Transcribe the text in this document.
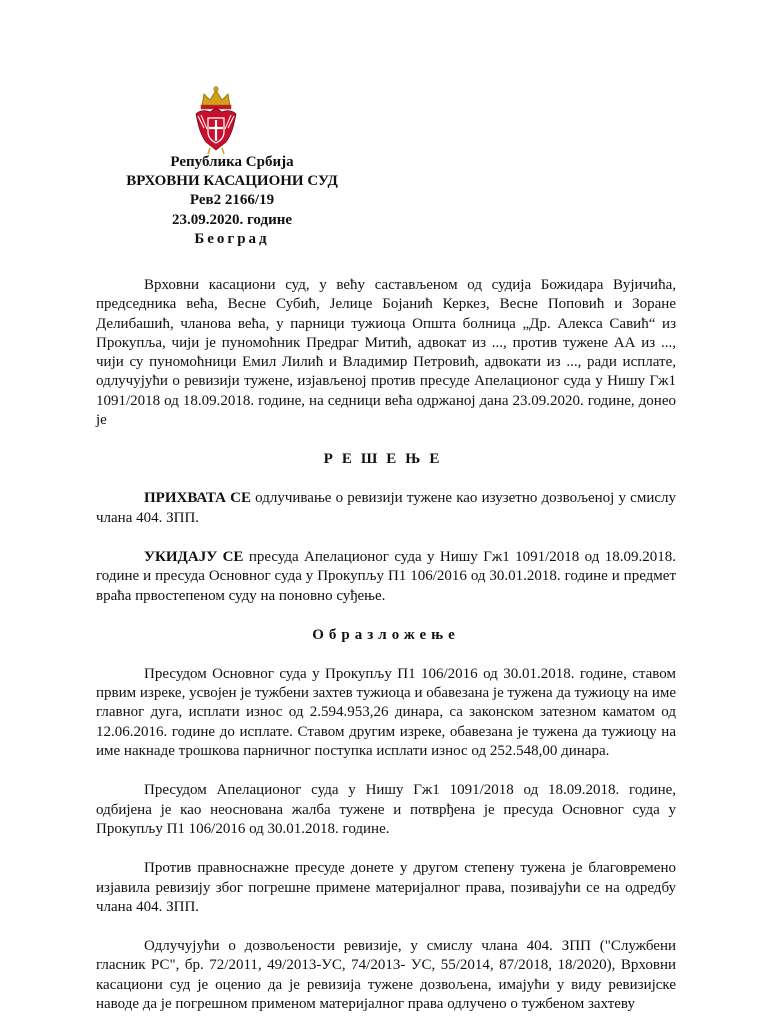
Република Србија
ВРХОВНИ КАСАЦИОНИ СУД
Рев2 2166/19
23.09.2020. године
Београд

Врховни касациони суд, у већу састављеном од судија Божидара Вујичића, председника већа, Весне Субић, Јелице Бојанић Керкез, Весне Поповић и Зоране Делибашић, чланова већа, у парници тужиоца Општа болница „Др. Алекса Савић“ из Прокупља, чији је пуномоћник Предраг Митић, адвокат из ..., против тужене АА из ..., чији су пуномоћници Емил Лилић и Владимир Петровић, адвокати из ..., ради исплате, одлучујући о ревизији тужене, изјављеној против пресуде Апелационог суда у Нишу Гж1 1091/2018 од 18.09.2018. године, на седници већа одржаној дана 23.09.2020. године, донео је

РЕШЕЊЕ

ПРИХВАТА СЕ одлучивање о ревизији тужене као изузетно дозвољеној у смислу члана 404. ЗПП.

УКИДАЈУ СЕ пресуда Апелационог суда у Нишу Гж1 1091/2018 од 18.09.2018. године и пресуда Основног суда у Прокупљу П1 106/2016 од 30.01.2018. године и предмет враћа првостепеном суду на поновно суђење.

Образложење

Пресудом Основног суда у Прокупљу П1 106/2016 од 30.01.2018. године, ставом првим изреке, усвојен је тужбени захтев тужиоца и обавезана је тужена да тужиоцу на име главног дуга, исплати износ од 2.594.953,26 динара, са законском затезном каматом од 12.06.2016. године до исплате. Ставом другим изреке, обавезана је тужена да тужиоцу на име накнаде трошкова парничног поступка исплати износ од 252.548,00 динара.

Пресудом Апелационог суда у Нишу Гж1 1091/2018 од 18.09.2018. године, одбијена је као неоснована жалба тужене и потврђена је пресуда Основног суда у Прокупљу П1 106/2016 од 30.01.2018. године.

Против правноснажне пресуде донете у другом степену тужена је благовремено изјавила ревизију због погрешне примене материјалног права, позивајући се на одредбу члана 404. ЗПП.

Одлучујући о дозвољености ревизије, у смислу члана 404. ЗПП ("Службени гласник РС", бр. 72/2011, 49/2013-УС, 74/2013- УС, 55/2014, 87/2018, 18/2020), Врховни касациони суд је оценио да је ревизија тужене дозвољена, имајући у виду ревизијске наводе да је погрешном применом материјалног права одлучено о тужбеном захтеву
